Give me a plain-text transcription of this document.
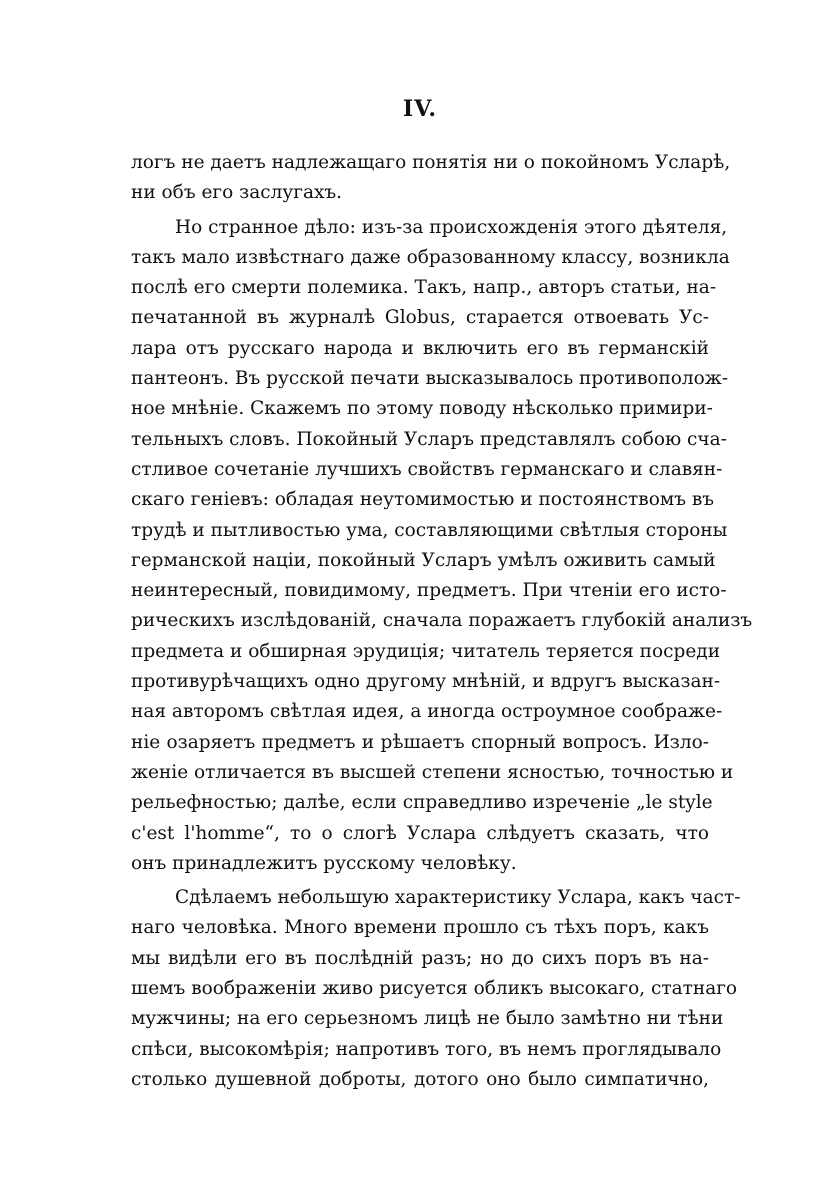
IV.
логъ не даетъ надлежащаго понятія ни о покойномъ Усларѣ,
ни объ его заслугахъ.
Но странное дѣло: изъ-за происхожденія этого дѣятеля,
такъ мало извѣстнаго даже образованному классу, возникла
послѣ его смерти полемика. Такъ, напр., авторъ статьи, на-
печатанной въ журналѣ Globus, старается отвоевать Ус-
лара отъ русскаго народа и включить его въ германскій
пантеонъ. Въ русской печати высказывалось противополож-
ное мнѣніе. Скажемъ по этому поводу нѣсколько примири-
тельныхъ словъ. Покойный Усларъ представлялъ собою сча-
стливое сочетаніе лучшихъ свойствъ германскаго и славян-
скаго геніевъ: обладая неутомимостью и постоянствомъ въ
трудѣ и пытливостью ума, составляющими свѣтлыя стороны
германской націи, покойный Усларъ умѣлъ оживить самый
неинтересный, повидимому, предметъ. При чтеніи его исто-
рическихъ изслѣдованій, сначала поражаетъ глубокій анализъ
предмета и обширная эрудиція; читатель теряется посреди
противурѣчащихъ одно другому мнѣній, и вдругъ высказан-
ная авторомъ свѣтлая идея, а иногда остроумное соображе-
ніе озаряетъ предметъ и рѣшаетъ спорный вопросъ. Изло-
женіе отличается въ высшей степени ясностью, точностью и
рельефностью; далѣе, если справедливо изреченіе „le style
c'est l'homme“, то о слогѣ Услара слѣдуетъ сказать, что
онъ принадлежитъ русскому человѣку.
Сдѣлаемъ небольшую характеристику Услара, какъ част-
наго человѣка. Много времени прошло съ тѣхъ поръ, какъ
мы видѣли его въ послѣдній разъ; но до сихъ поръ въ на-
шемъ воображеніи живо рисуется обликъ высокаго, статнаго
мужчины; на его серьезномъ лицѣ не было замѣтно ни тѣни
спѣси, высокомѣрія; напротивъ того, въ немъ проглядывало
столько душевной доброты, дотого оно было симпатично,
